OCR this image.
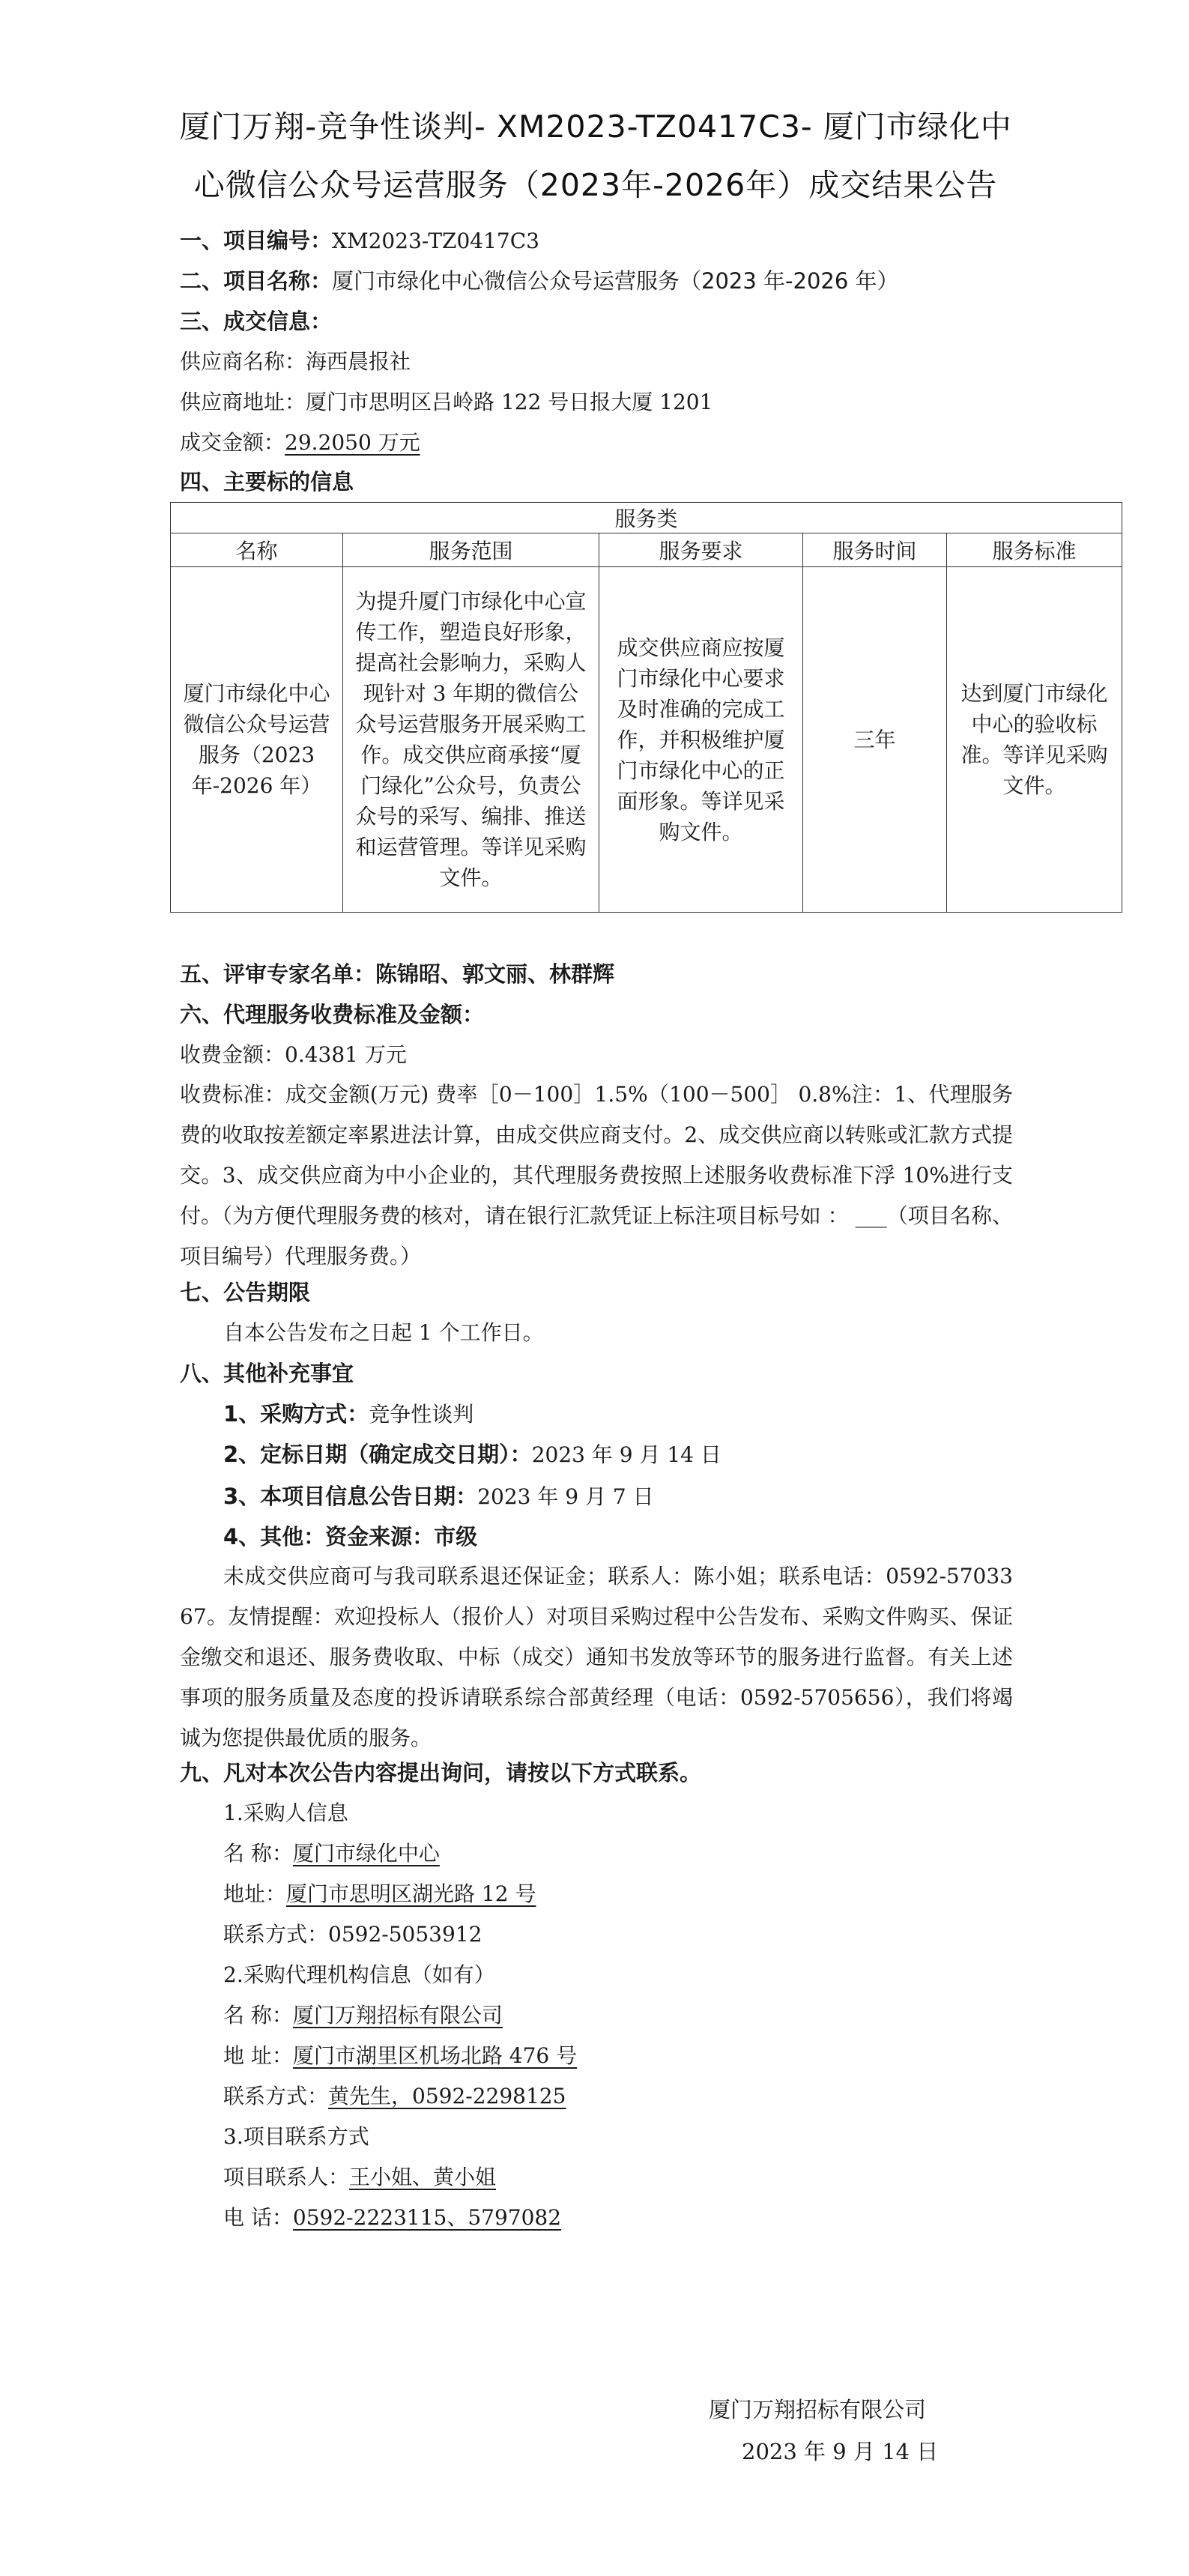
厦门万翔-竞争性谈判- XM2023-TZ0417C3- 厦门市绿化中
心微信公众号运营服务（2023年-2026年）成交结果公告
一、项目编号：XM2023-TZ0417C3
二、项目名称：厦门市绿化中心微信公众号运营服务（2023 年-2026 年）
三、成交信息：
供应商名称：海西晨报社
供应商地址：厦门市思明区吕岭路 122 号日报大厦 1201
成交金额：29.2050 万元
四、主要标的信息
服务类				
名称	服务范围	服务要求	服务时间	服务标准
厦门市绿化中心微信公众号运营服务（2023 年-2026 年）	为提升厦门市绿化中心宣传工作，塑造良好形象，提高社会影响力，采购人现针对 3 年期的微信公众号运营服务开展采购工作。成交供应商承接“厦门绿化”公众号，负责公众号的采写、编排、推送和运营管理。等详见采购文件。	成交供应商应按厦门市绿化中心要求及时准确的完成工作，并积极维护厦门市绿化中心的正面形象。等详见采购文件。	三年	达到厦门市绿化中心的验收标准。等详见采购文件。
五、评审专家名单：陈锦昭、郭文丽、林群辉
六、代理服务收费标准及金额：
收费金额：0.4381 万元
收费标准：成交金额(万元) 费率［0－100］1.5%（100－500］ 0.8%注：1、代理服务费的收取按差额定率累进法计算，由成交供应商支付。2、成交供应商以转账或汇款方式提交。3、成交供应商为中小企业的，其代理服务费按照上述服务收费标准下浮 10%进行支付。（为方便代理服务费的核对，请在银行汇款凭证上标注项目标号如 ： ___（项目名称、项目编号）代理服务费。）
七、公告期限
自本公告发布之日起 1 个工作日。
八、其他补充事宜
1、采购方式：竞争性谈判
2、定标日期（确定成交日期）：2023 年 9 月 14 日
3、本项目信息公告日期：2023 年 9 月 7 日
4、其他：资金来源：市级
未成交供应商可与我司联系退还保证金；联系人：陈小姐；联系电话：0592-5703367。友情提醒：欢迎投标人（报价人）对项目采购过程中公告发布、采购文件购买、保证金缴交和退还、服务费收取、中标（成交）通知书发放等环节的服务进行监督。有关上述事项的服务质量及态度的投诉请联系综合部黄经理（电话：0592-5705656），我们将竭诚为您提供最优质的服务。
九、凡对本次公告内容提出询问，请按以下方式联系。
1.采购人信息
名 称：厦门市绿化中心
地址：厦门市思明区湖光路 12 号
联系方式：0592-5053912
2.采购代理机构信息（如有）
名 称：厦门万翔招标有限公司
地 址：厦门市湖里区机场北路 476 号
联系方式：黄先生，0592-2298125
3.项目联系方式
项目联系人：王小姐、黄小姐
电 话：0592-2223115、5797082
厦门万翔招标有限公司
2023 年 9 月 14 日
